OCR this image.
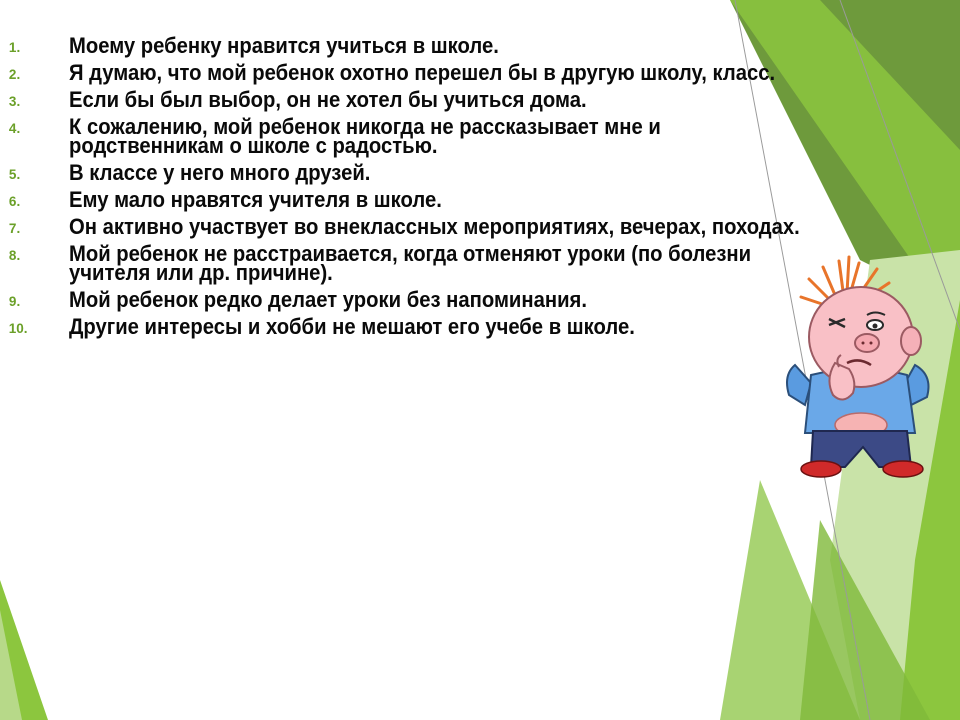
1. Моему ребенку нравится учиться в школе.
2. Я думаю, что мой ребенок охотно перешел бы в другую школу, класс.
3. Если бы был выбор, он не хотел бы учиться дома.
4. К сожалению, мой ребенок никогда не рассказывает мне и родственникам о школе с радостью.
5. В классе у него много друзей.
6. Ему мало нравятся учителя в школе.
7. Он активно участвует во внеклассных мероприятиях, вечерах, походах.
8. Мой ребенок не расстраивается, когда отменяют уроки (по болезни учителя или др. причине).
9. Мой ребенок редко делает уроки без напоминания.
10. Другие интересы и хобби не мешают его учебе в школе.
